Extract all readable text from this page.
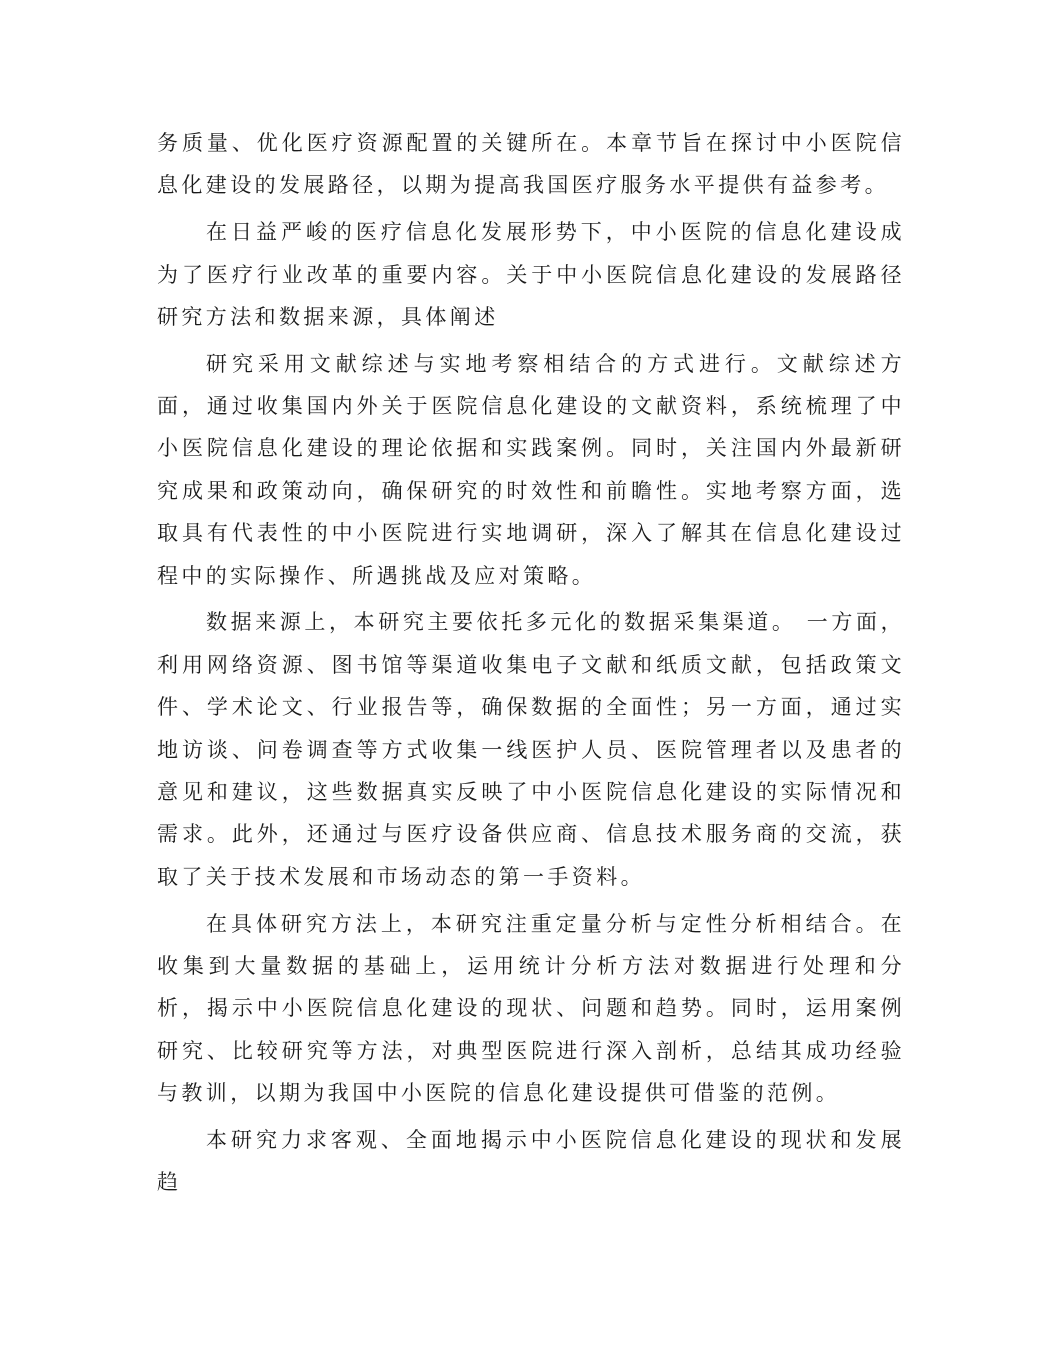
务质量、优化医疗资源配置的关键所在。本章节旨在探讨中小医院信息化建设的发展路径，以期为提高我国医疗服务水平提供有益参考。

在日益严峻的医疗信息化发展形势下，中小医院的信息化建设成为了医疗行业改革的重要内容。关于中小医院信息化建设的发展路径研究方法和数据来源，具体阐述

研究采用文献综述与实地考察相结合的方式进行。文献综述方面，通过收集国内外关于医院信息化建设的文献资料，系统梳理了中小医院信息化建设的理论依据和实践案例。同时，关注国内外最新研究成果和政策动向，确保研究的时效性和前瞻性。实地考察方面，选取具有代表性的中小医院进行实地调研，深入了解其在信息化建设过程中的实际操作、所遇挑战及应对策略。

数据来源上，本研究主要依托多元化的数据采集渠道。 一方面，利用网络资源、图书馆等渠道收集电子文献和纸质文献，包括政策文件、学术论文、行业报告等，确保数据的全面性；另一方面，通过实地访谈、问卷调查等方式收集一线医护人员、医院管理者以及患者的意见和建议，这些数据真实反映了中小医院信息化建设的实际情况和需求。此外，还通过与医疗设备供应商、信息技术服务商的交流，获取了关于技术发展和市场动态的第一手资料。

在具体研究方法上，本研究注重定量分析与定性分析相结合。在收集到大量数据的基础上，运用统计分析方法对数据进行处理和分析，揭示中小医院信息化建设的现状、问题和趋势。同时，运用案例研究、比较研究等方法，对典型医院进行深入剖析，总结其成功经验与教训，以期为我国中小医院的信息化建设提供可借鉴的范例。

本研究力求客观、全面地揭示中小医院信息化建设的现状和发展趋
